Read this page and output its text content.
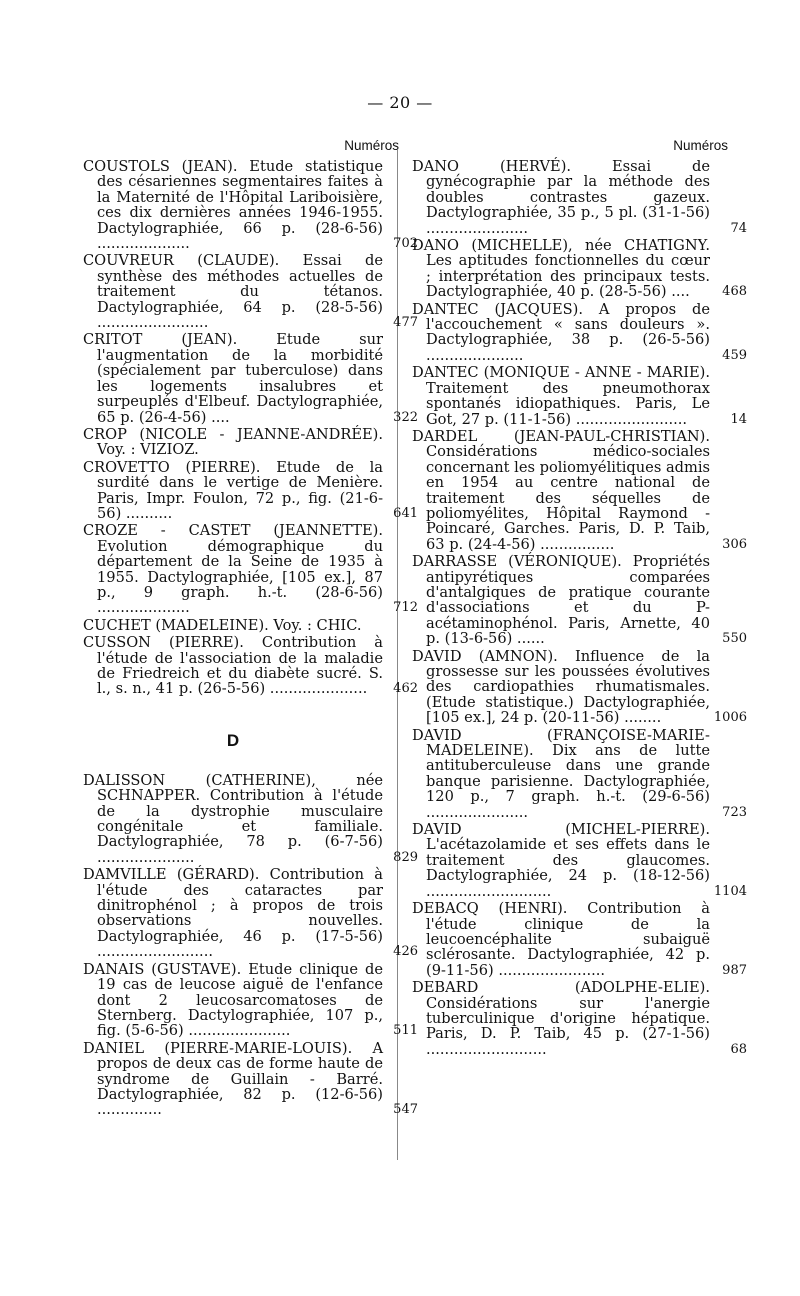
— 20 —
Numéros
COUSTOLS (JEAN). Etude statistique des césariennes segmentaires faites à la Maternité de l'Hôpital Lariboisière, ces dix dernières années 1946-1955. Dactylographiée, 66 p. (28-6-56) ....................	702
COUVREUR (CLAUDE). Essai de synthèse des méthodes actuelles de traitement du tétanos. Dactylographiée, 64 p. (28-5-56) ........................	477
CRITOT (JEAN). Etude sur l'augmentation de la morbidité (spécialement par tuberculose) dans les logements insalubres et surpeuplés d'Elbeuf. Dactylographiée, 65 p. (26-4-56) ....	322
CROP (NICOLE - JEANNE-ANDRÉE). Voy. : VIZIOZ.
CROVETTO (PIERRE). Etude de la surdité dans le vertige de Menière. Paris, Impr. Foulon, 72 p., fig. (21-6-56) ..........	641
CROZE - CASTET (JEANNETTE). Evolution démographique du département de la Seine de 1935 à 1955. Dactylographiée, [105 ex.], 87 p., 9 graph. h.-t. (28-6-56) ....................	712
CUCHET (MADELEINE). Voy. : CHIC.
CUSSON (PIERRE). Contribution à l'étude de l'association de la maladie de Friedreich et du diabète sucré. S. l., s. n., 41 p. (26-5-56) .....................	462
D
DALISSON (CATHERINE), née SCHNAPPER. Contribution à l'étude de la dystrophie musculaire congénitale et familiale. Dactylographiée, 78 p. (6-7-56) .....................	829
DAMVILLE (GÉRARD). Contribution à l'étude des cataractes par dinitrophénol ; à propos de trois observations nouvelles. Dactylographiée, 46 p. (17-5-56) .........................	426
DANAIS (GUSTAVE). Etude clinique de 19 cas de leucose aiguë de l'enfance dont 2 leucosarcomatoses de Sternberg. Dactylographiée, 107 p., fig. (5-6-56) ......................	511
DANIEL (PIERRE-MARIE-LOUIS). A propos de deux cas de forme haute de syndrome de Guillain - Barré. Dactylographiée, 82 p. (12-6-56) ..............	547
Numéros
DANO (HERVÉ). Essai de gynécographie par la méthode des doubles contrastes gazeux. Dactylographiée, 35 p., 5 pl. (31-1-56) ......................	74
DANO (MICHELLE), née CHATIGNY. Les aptitudes fonctionnelles du cœur ; interprétation des principaux tests. Dactylographiée, 40 p. (28-5-56) ....	468
DANTEC (JACQUES). A propos de l'accouchement « sans douleurs ». Dactylographiée, 38 p. (26-5-56) .....................	459
DANTEC (MONIQUE - ANNE - MARIE). Traitement des pneumothorax spontanés idiopathiques. Paris, Le Got, 27 p. (11-1-56) ........................	14
DARDEL (JEAN-PAUL-CHRISTIAN). Considérations médico-sociales concernant les poliomyélitiques admis en 1954 au centre national de traitement des séquelles de poliomyélites, Hôpital Raymond - Poincaré, Garches. Paris, D. P. Taib, 63 p. (24-4-56) ................	306
DARRASSE (VÉRONIQUE). Propriétés antipyrétiques comparées d'antalgiques de pratique courante d'associations et du P- acétaminophénol. Paris, Arnette, 40 p. (13-6-56) ......	550
DAVID (AMNON). Influence de la grossesse sur les poussées évolutives des cardiopathies rhumatismales. (Etude statistique.) Dactylographiée, [105 ex.], 24 p. (20-11-56) ........	1006
DAVID (FRANÇOISE-MARIE-MADELEINE). Dix ans de lutte antituberculeuse dans une grande banque parisienne. Dactylographiée, 120 p., 7 graph. h.-t. (29-6-56) ......................	723
DAVID (MICHEL-PIERRE). L'acétazolamide et ses effets dans le traitement des glaucomes. Dactylographiée, 24 p. (18-12-56) ...........................	1104
DEBACQ (HENRI). Contribution à l'étude clinique de la leucoencéphalite subaiguë sclérosante. Dactylographiée, 42 p. (9-11-56) .......................	987
DEBARD (ADOLPHE-ELIE). Considérations sur l'anergie tuberculinique d'origine hépatique. Paris, D. P. Taib, 45 p. (27-1-56) ..........................	68
